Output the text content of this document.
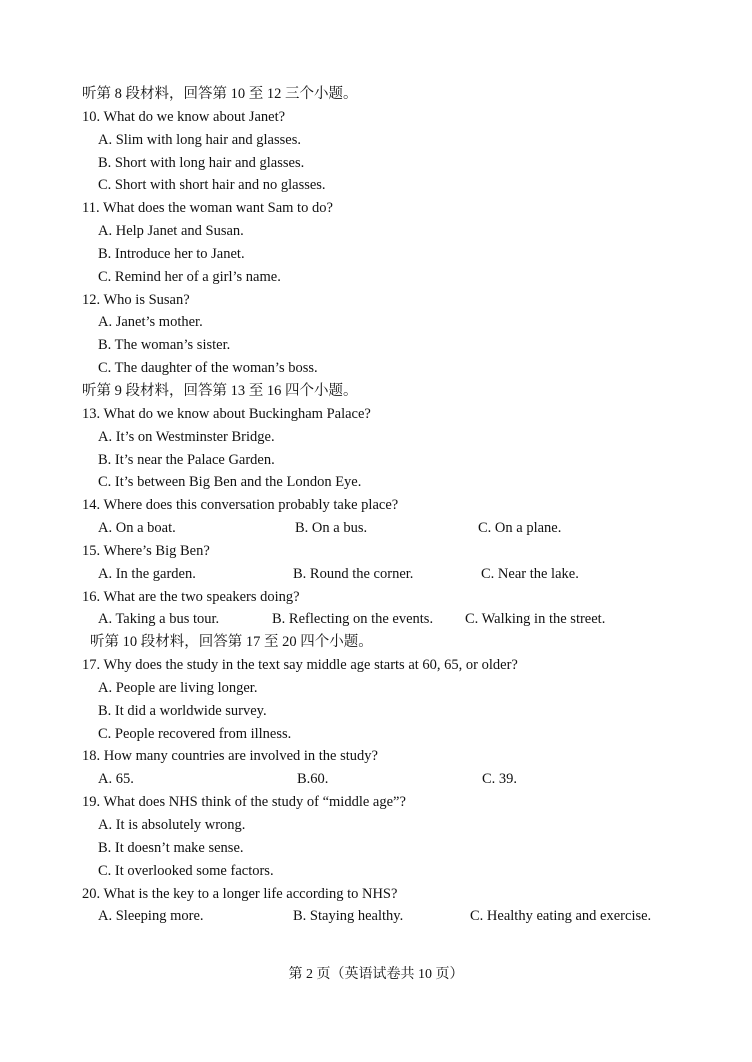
听第 8 段材料，回答第 10 至 12 三个小题。
10. What do we know about Janet?
A. Slim with long hair and glasses.
B. Short with long hair and glasses.
C. Short with short hair and no glasses.
11. What does the woman want Sam to do?
A. Help Janet and Susan.
B. Introduce her to Janet.
C. Remind her of a girl’s name.
12. Who is Susan?
A. Janet’s mother.
B. The woman’s sister.
C. The daughter of the woman’s boss.
听第 9 段材料，回答第 13 至 16 四个小题。
13. What do we know about Buckingham Palace?
A. It’s on Westminster Bridge.
B. It’s near the Palace Garden.
C. It’s between Big Ben and the London Eye.
14. Where does this conversation probably take place?
A. On a boat.	B. On a bus.	C. On a plane.
15. Where’s Big Ben?
A. In the garden.	B. Round the corner.	C. Near the lake.
16. What are the two speakers doing?
A. Taking a bus tour.	B. Reflecting on the events. C. Walking in the street.
听第 10 段材料，回答第 17 至 20 四个小题。
17. Why does the study in the text say middle age starts at 60, 65, or older?
A. People are living longer.
B. It did a worldwide survey.
C. People recovered from illness.
18. How many countries are involved in the study?
A. 65.	B.60.	C. 39.
19. What does NHS think of the study of “middle age”?
A. It is absolutely wrong.
B. It doesn’t make sense.
C. It overlooked some factors.
20. What is the key to a longer life according to NHS?
A. Sleeping more.	B. Staying healthy.	C. Healthy eating and exercise.
第 2 页（英语试卷共 10 页）
